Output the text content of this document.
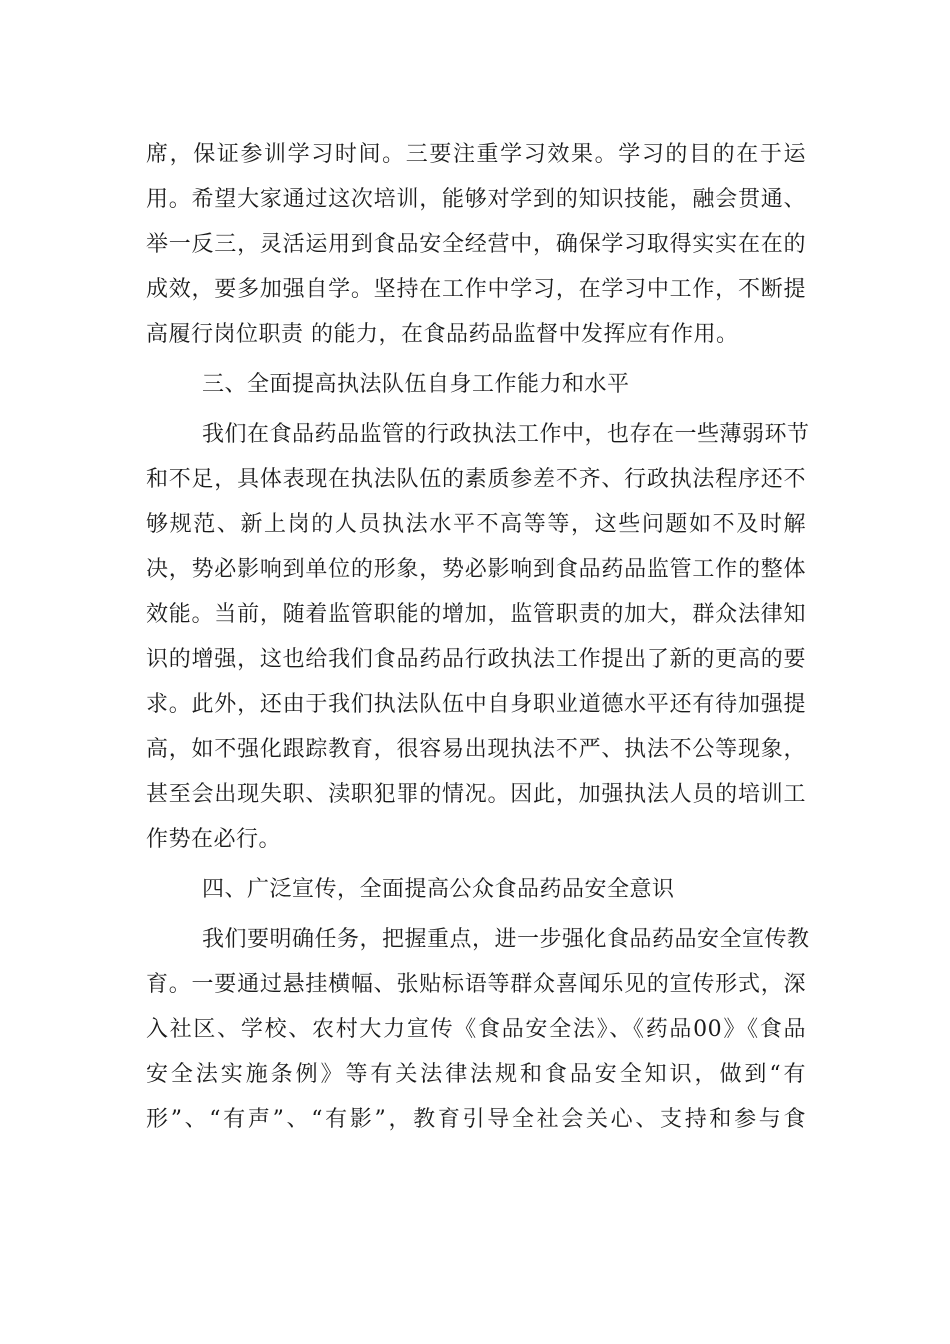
席，保证参训学习时间。三要注重学习效果。学习的目的在于运
用。希望大家通过这次培训，能够对学到的知识技能，融会贯通、
举一反三，灵活运用到食品安全经营中，确保学习取得实实在在的
成效，要多加强自学。坚持在工作中学习，在学习中工作，不断提
高履行岗位职责 的能力，在食品药品监督中发挥应有作用。
三、全面提高执法队伍自身工作能力和水平
我们在食品药品监管的行政执法工作中，也存在一些薄弱环节
和不足，具体表现在执法队伍的素质参差不齐、行政执法程序还不
够规范、新上岗的人员执法水平不高等等，这些问题如不及时解
决，势必影响到单位的形象，势必影响到食品药品监管工作的整体
效能。当前，随着监管职能的增加，监管职责的加大，群众法律知
识的增强，这也给我们食品药品行政执法工作提出了新的更高的要
求。此外，还由于我们执法队伍中自身职业道德水平还有待加强提
高，如不强化跟踪教育，很容易出现执法不严、执法不公等现象，
甚至会出现失职、渎职犯罪的情况。因此，加强执法人员的培训工
作势在必行。
四、广泛宣传，全面提高公众食品药品安全意识
我们要明确任务，把握重点，进一步强化食品药品安全宣传教
育。一要通过悬挂横幅、张贴标语等群众喜闻乐见的宣传形式，深
入社区、学校、农村大力宣传《食品安全法》、《药品00》《食品
安全法实施条例》等有关法律法规和食品安全知识，做到“有
形”、“有声”、“有影”，教育引导全社会关心、支持和参与食
